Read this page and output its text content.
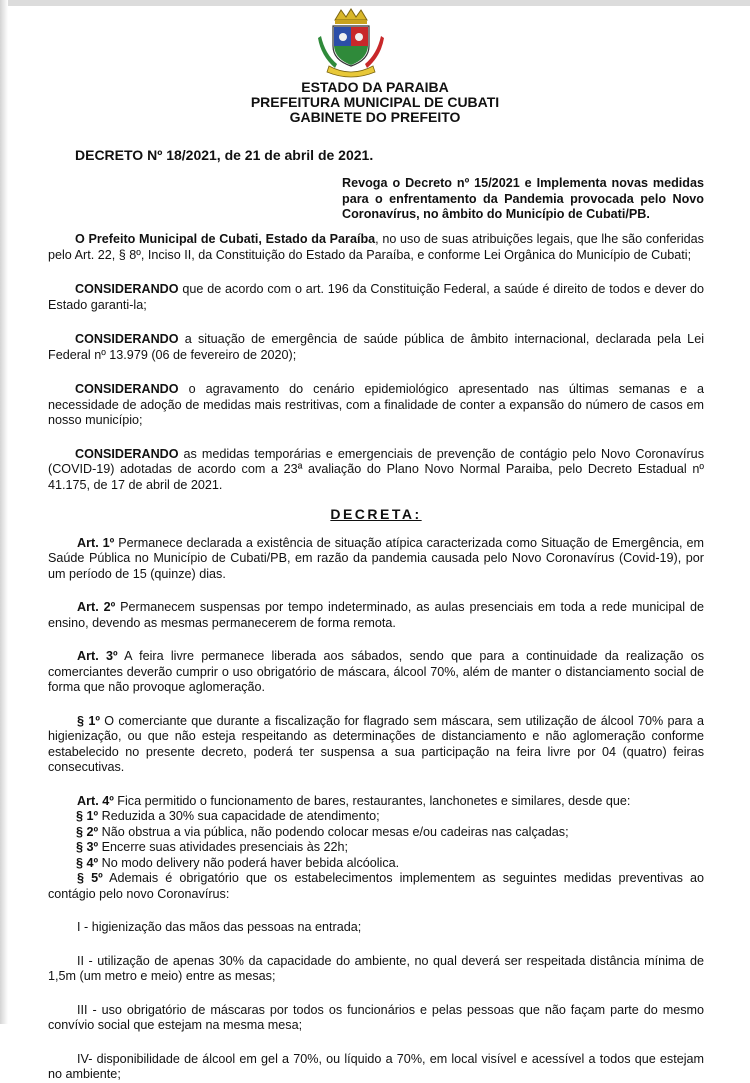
ESTADO DA PARAIBA
PREFEITURA MUNICIPAL DE CUBATI
GABINETE DO PREFEITO
DECRETO Nº 18/2021, de 21 de abril de 2021.
Revoga o Decreto nº 15/2021 e Implementa novas medidas para o enfrentamento da Pandemia provocada pelo Novo Coronavírus, no âmbito do Município de Cubati/PB.

O Prefeito Municipal de Cubati, Estado da Paraíba, no uso de suas atribuições legais, que lhe são conferidas pelo Art. 22, § 8º, Inciso II, da Constituição do Estado da Paraíba, e conforme Lei Orgânica do Município de Cubati;

CONSIDERANDO que de acordo com o art. 196 da Constituição Federal, a saúde é direito de todos e dever do Estado garanti-la;

CONSIDERANDO a situação de emergência de saúde pública de âmbito internacional, declarada pela Lei Federal nº 13.979 (06 de fevereiro de 2020);

CONSIDERANDO o agravamento do cenário epidemiológico apresentado nas últimas semanas e a necessidade de adoção de medidas mais restritivas, com a finalidade de conter a expansão do número de casos em nosso município;

CONSIDERANDO as medidas temporárias e emergenciais de prevenção de contágio pelo Novo Coronavírus (COVID-19) adotadas de acordo com a 23ª avaliação do Plano Novo Normal Paraiba, pelo Decreto Estadual nº 41.175, de 17 de abril de 2021.

DECRETA:

Art. 1º Permanece declarada a existência de situação atípica caracterizada como Situação de Emergência, em Saúde Pública no Município de Cubati/PB, em razão da pandemia causada pelo Novo Coronavírus (Covid-19), por um período de 15 (quinze) dias.

Art. 2º Permanecem suspensas por tempo indeterminado, as aulas presenciais em toda a rede municipal de ensino, devendo as mesmas permanecerem de forma remota.

Art. 3º A feira livre permanece liberada aos sábados, sendo que para a continuidade da realização os comerciantes deverão cumprir o uso obrigatório de máscara, álcool 70%, além de manter o distanciamento social de forma que não provoque aglomeração.

§ 1º O comerciante que durante a fiscalização for flagrado sem máscara, sem utilização de álcool 70% para a higienização, ou que não esteja respeitando as determinações de distanciamento e não aglomeração conforme estabelecido no presente decreto, poderá ter suspensa a sua participação na feira livre por 04 (quatro) feiras consecutivas.

Art. 4º Fica permitido o funcionamento de bares, restaurantes, lanchonetes e similares, desde que:

§ 1º Reduzida a 30% sua capacidade de atendimento;

§ 2º Não obstrua a via pública, não podendo colocar mesas e/ou cadeiras nas calçadas;

§ 3º Encerre suas atividades presenciais às 22h;

§ 4º No modo delivery não poderá haver bebida alcóolica.

§ 5º Ademais é obrigatório que os estabelecimentos implementem as seguintes medidas preventivas ao contágio pelo novo Coronavírus:

I - higienização das mãos das pessoas na entrada;

II - utilização de apenas 30% da capacidade do ambiente, no qual deverá ser respeitada distância mínima de 1,5m (um metro e meio) entre as mesas;

III - uso obrigatório de máscaras por todos os funcionários e pelas pessoas que não façam parte do mesmo convívio social que estejam na mesma mesa;

IV- disponibilidade de álcool em gel a 70%, ou líquido a 70%, em local visível e acessível a todos que estejam no ambiente;
